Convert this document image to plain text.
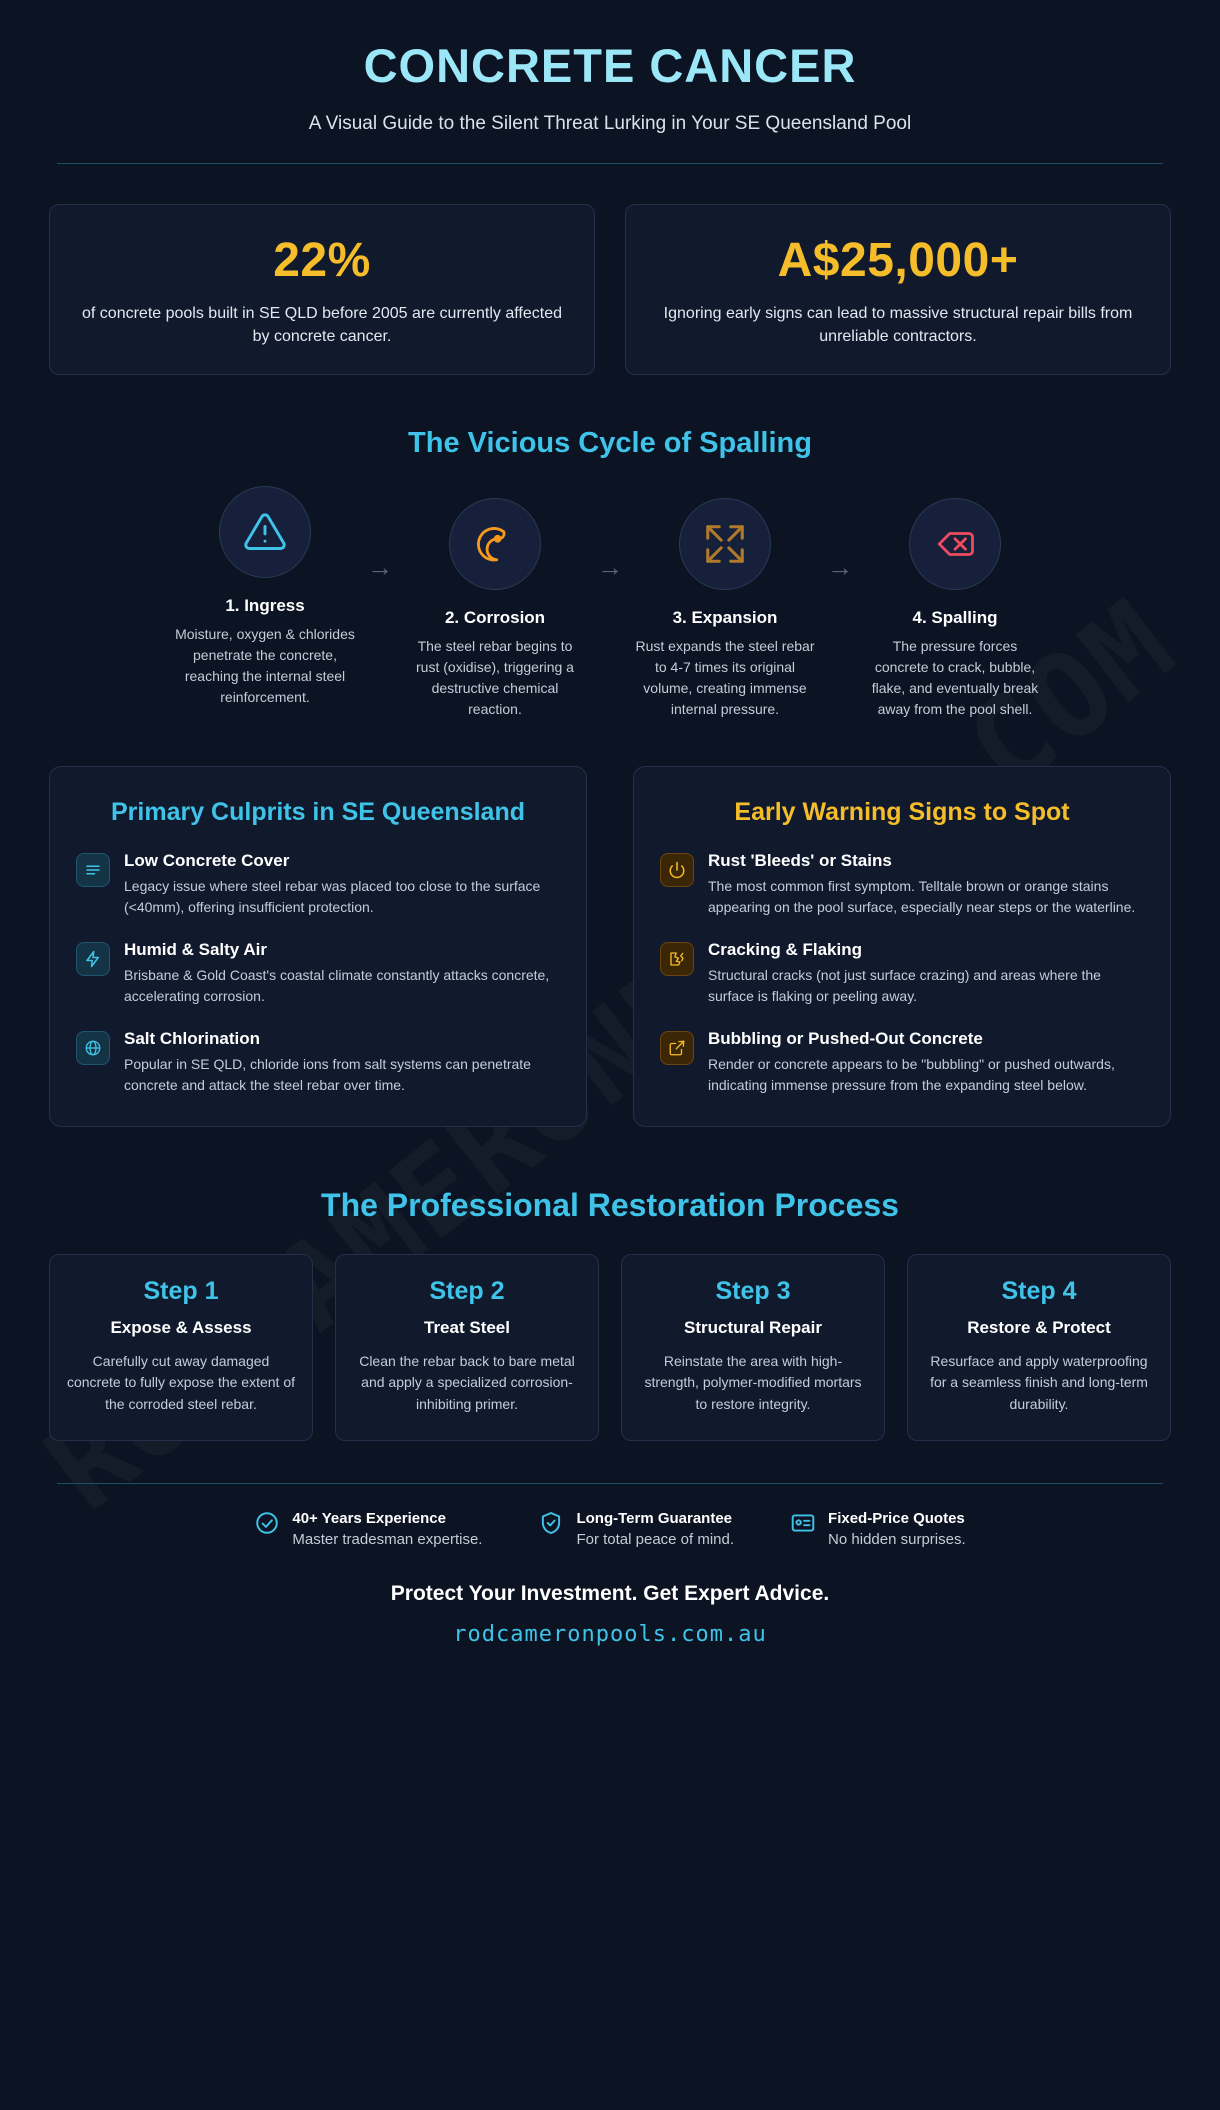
CONCRETE CANCER
A Visual Guide to the Silent Threat Lurking in Your SE Queensland Pool
22%
of concrete pools built in SE QLD before 2005 are currently affected by concrete cancer.
A$25,000+
Ignoring early signs can lead to massive structural repair bills from unreliable contractors.
The Vicious Cycle of Spalling
1. Ingress
Moisture, oxygen & chlorides penetrate the concrete, reaching the internal steel reinforcement.
→
2. Corrosion
The steel rebar begins to rust (oxidise), triggering a destructive chemical reaction.
→
3. Expansion
Rust expands the steel rebar to 4-7 times its original volume, creating immense internal pressure.
→
4. Spalling
The pressure forces concrete to crack, bubble, flake, and eventually break away from the pool shell.
Primary Culprits in SE Queensland
Low Concrete Cover
Legacy issue where steel rebar was placed too close to the surface (<40mm), offering insufficient protection.
Humid & Salty Air
Brisbane & Gold Coast's coastal climate constantly attacks concrete, accelerating corrosion.
Salt Chlorination
Popular in SE QLD, chloride ions from salt systems can penetrate concrete and attack the steel rebar over time.
Early Warning Signs to Spot
Rust 'Bleeds' or Stains
The most common first symptom. Telltale brown or orange stains appearing on the pool surface, especially near steps or the waterline.
Cracking & Flaking
Structural cracks (not just surface crazing) and areas where the surface is flaking or peeling away.
Bubbling or Pushed-Out Concrete
Render or concrete appears to be "bubbling" or pushed outwards, indicating immense pressure from the expanding steel below.
The Professional Restoration Process
Step 1
Expose & Assess
Carefully cut away damaged concrete to fully expose the extent of the corroded steel rebar.
Step 2
Treat Steel
Clean the rebar back to bare metal and apply a specialized corrosion-inhibiting primer.
Step 3
Structural Repair
Reinstate the area with high-strength, polymer-modified mortars to restore integrity.
Step 4
Restore & Protect
Resurface and apply waterproofing for a seamless finish and long-term durability.
40+ Years Experience
Master tradesman expertise.
Long-Term Guarantee
For total peace of mind.
Fixed-Price Quotes
No hidden surprises.
Protect Your Investment. Get Expert Advice.
rodcameronpools.com.au
